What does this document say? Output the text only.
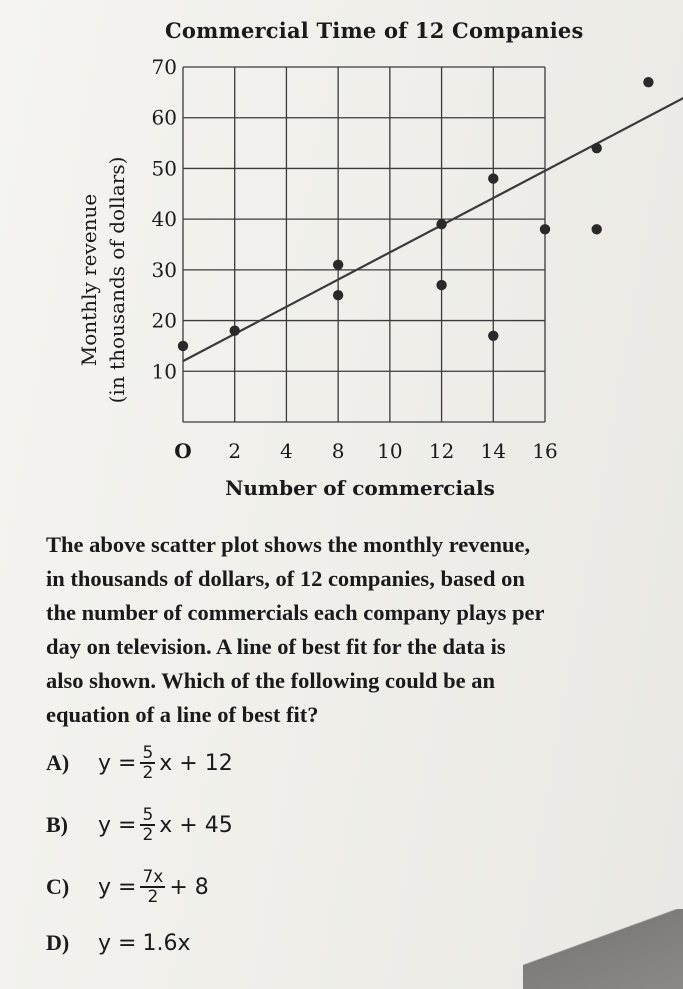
Commercial Time of 12 Companies
10
20
30
40
50
60
70
O 2 4 8 10 12 14 16
Monthly revenue (in thousands of dollars)
Number of commercials
The above scatter plot shows the monthly revenue,
in thousands of dollars, of 12 companies, based on
the number of commercials each company plays per
day on television. A line of best fit for the data is
also shown. Which of the following could be an
equation of a line of best fit?
A)	$y = \frac{5}{2}$ x + 12
B)	$y = \frac{5}{2}$ x + 45
C)	$y = \frac{7x}{2} + 8$
D)	y = 1.6x
